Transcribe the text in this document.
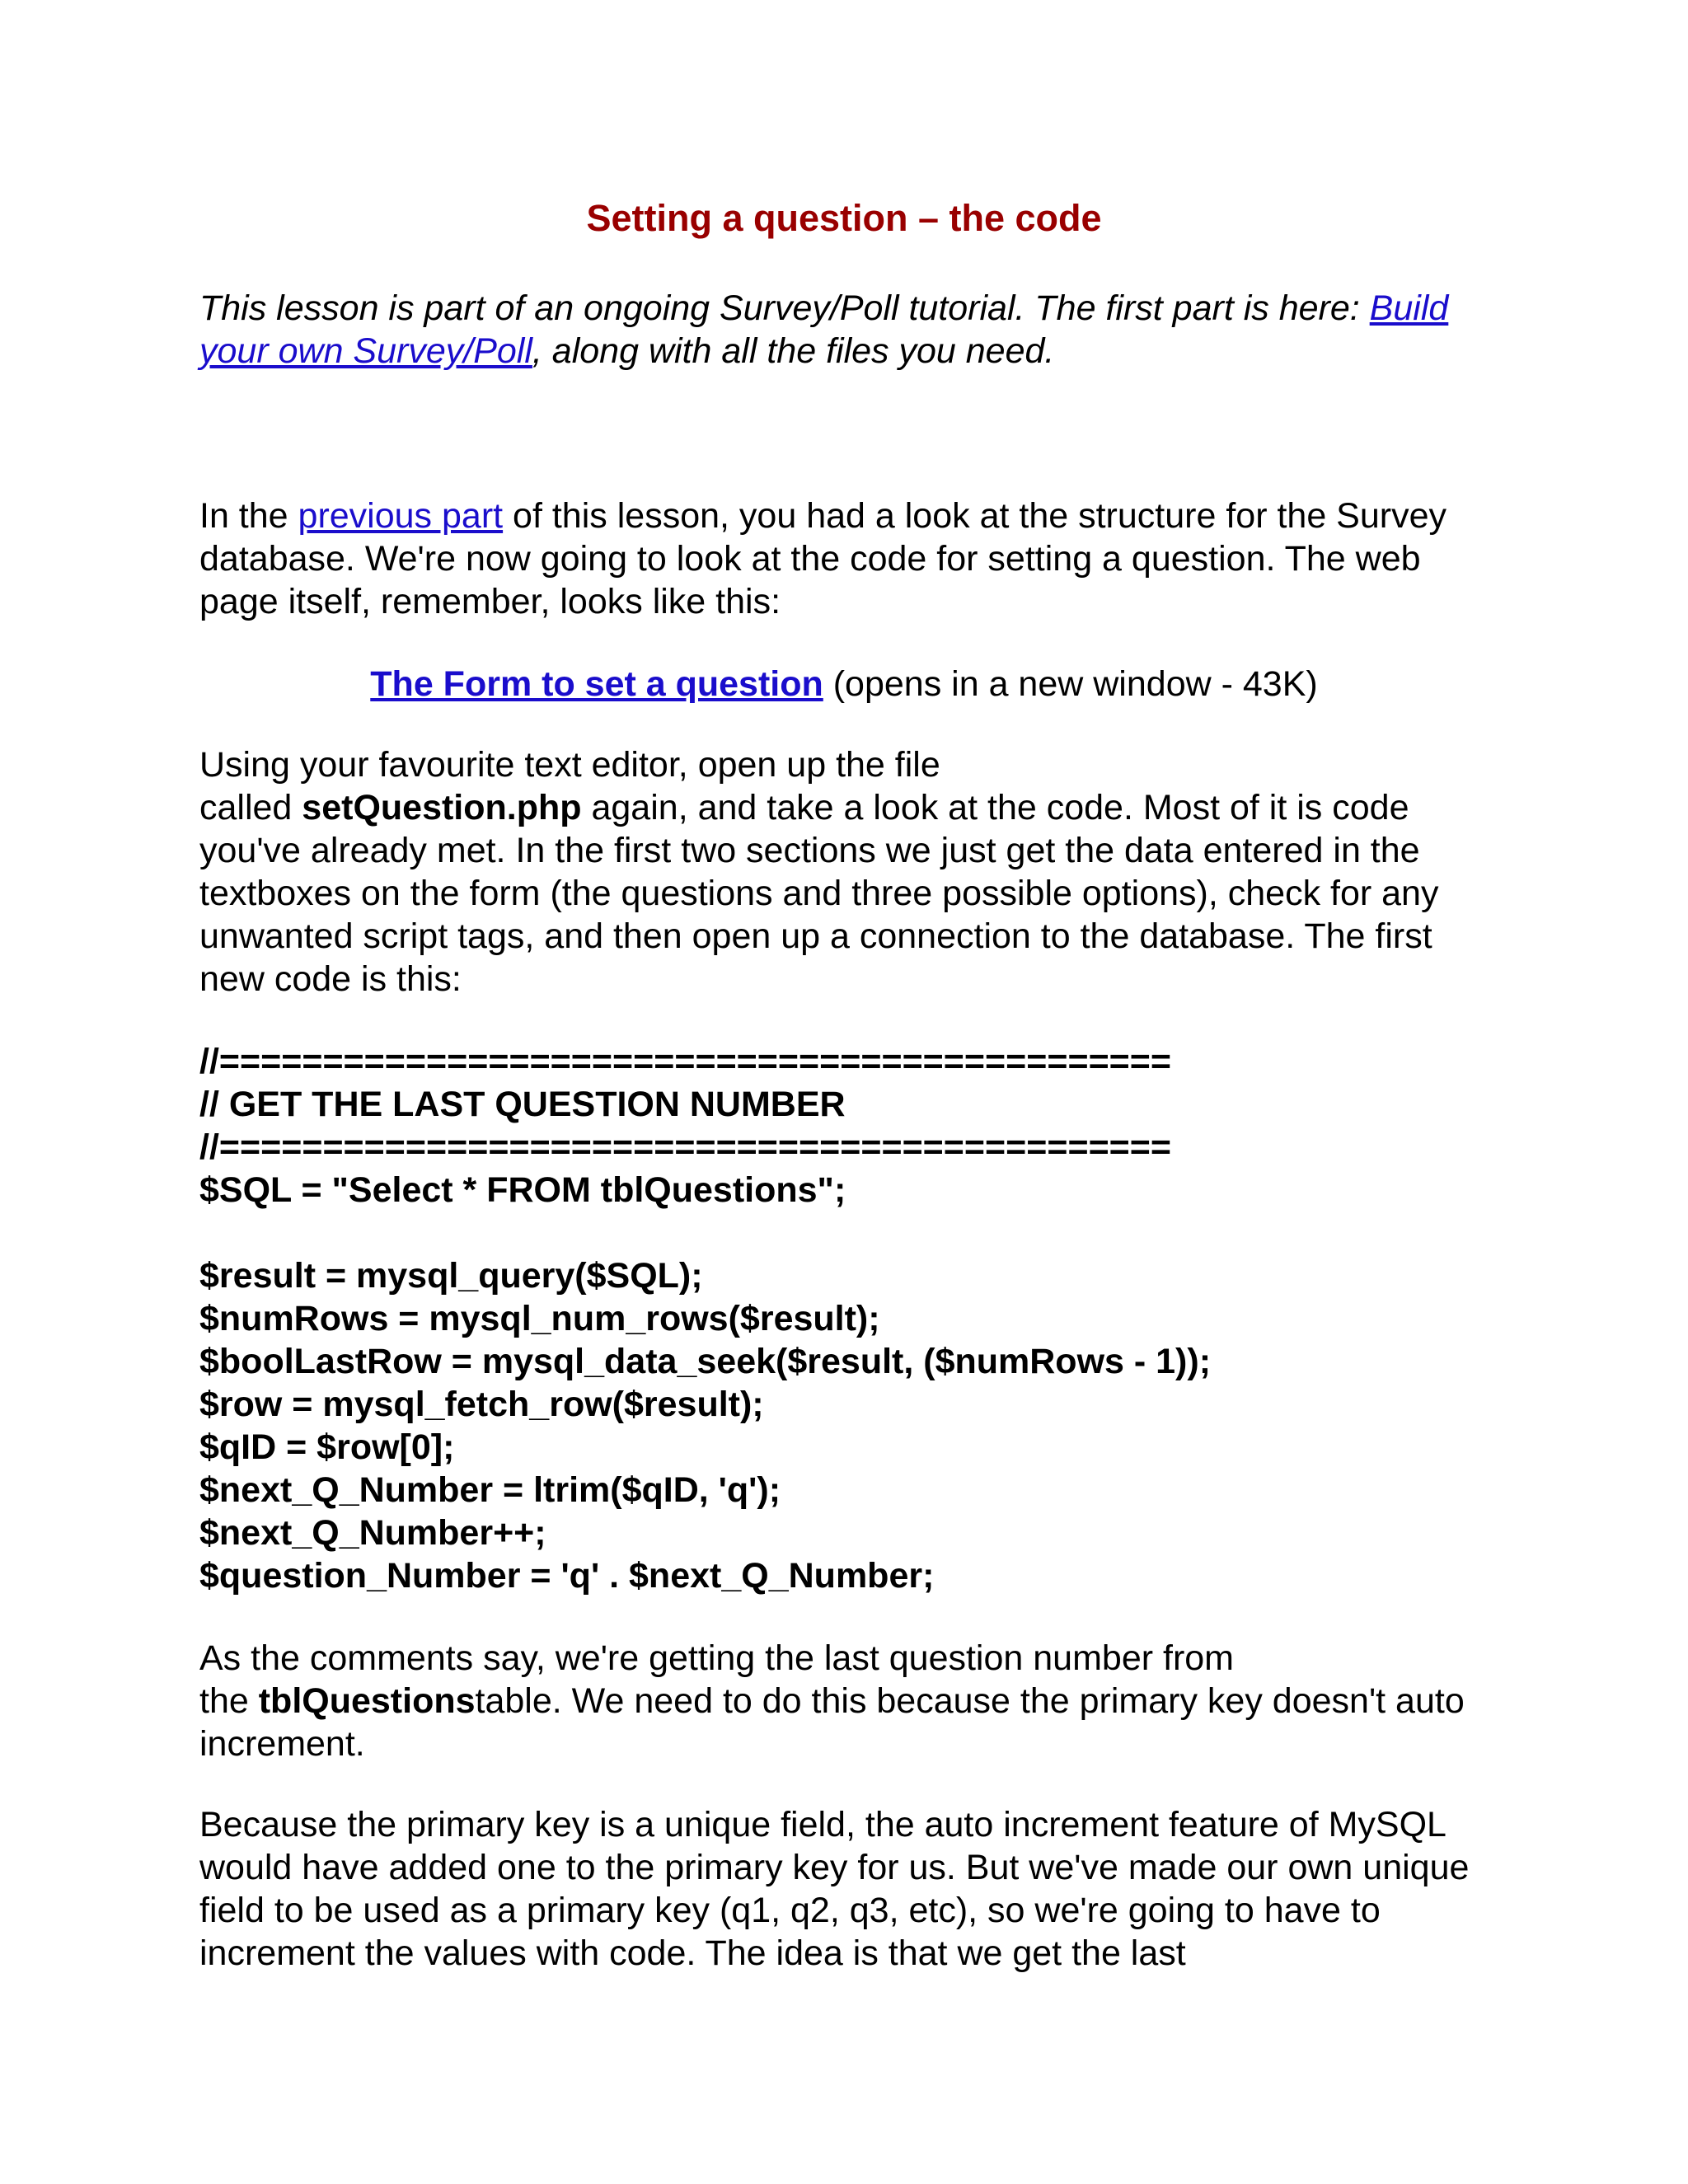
Setting a question – the code

This lesson is part of an ongoing Survey/Poll tutorial. The first part is here: Build your own Survey/Poll, along with all the files you need.

In the previous part of this lesson, you had a look at the structure for the Survey database. We're now going to look at the code for setting a question. The web page itself, remember, looks like this:

The Form to set a question (opens in a new window - 43K)

Using your favourite text editor, open up the file
called setQuestion.php again, and take a look at the code. Most of it is code you've already met. In the first two sections we just get the data entered in the textboxes on the form (the questions and three possible options), check for any unwanted script tags, and then open up a connection to the database. The first new code is this:

//==============================================
// GET THE LAST QUESTION NUMBER
//==============================================
$SQL = "Select * FROM tblQuestions";

$result = mysql_query($SQL);
$numRows = mysql_num_rows($result);
$boolLastRow = mysql_data_seek($result, ($numRows - 1));
$row = mysql_fetch_row($result);
$qID = $row[0];
$next_Q_Number = ltrim($qID, 'q');
$next_Q_Number++;
$question_Number = 'q' . $next_Q_Number;

As the comments say, we're getting the last question number from
the tblQuestionstable. We need to do this because the primary key doesn't auto increment.

Because the primary key is a unique field, the auto increment feature of MySQL would have added one to the primary key for us. But we've made our own unique field to be used as a primary key (q1, q2, q3, etc), so we're going to have to increment the values with code. The idea is that we get the last
